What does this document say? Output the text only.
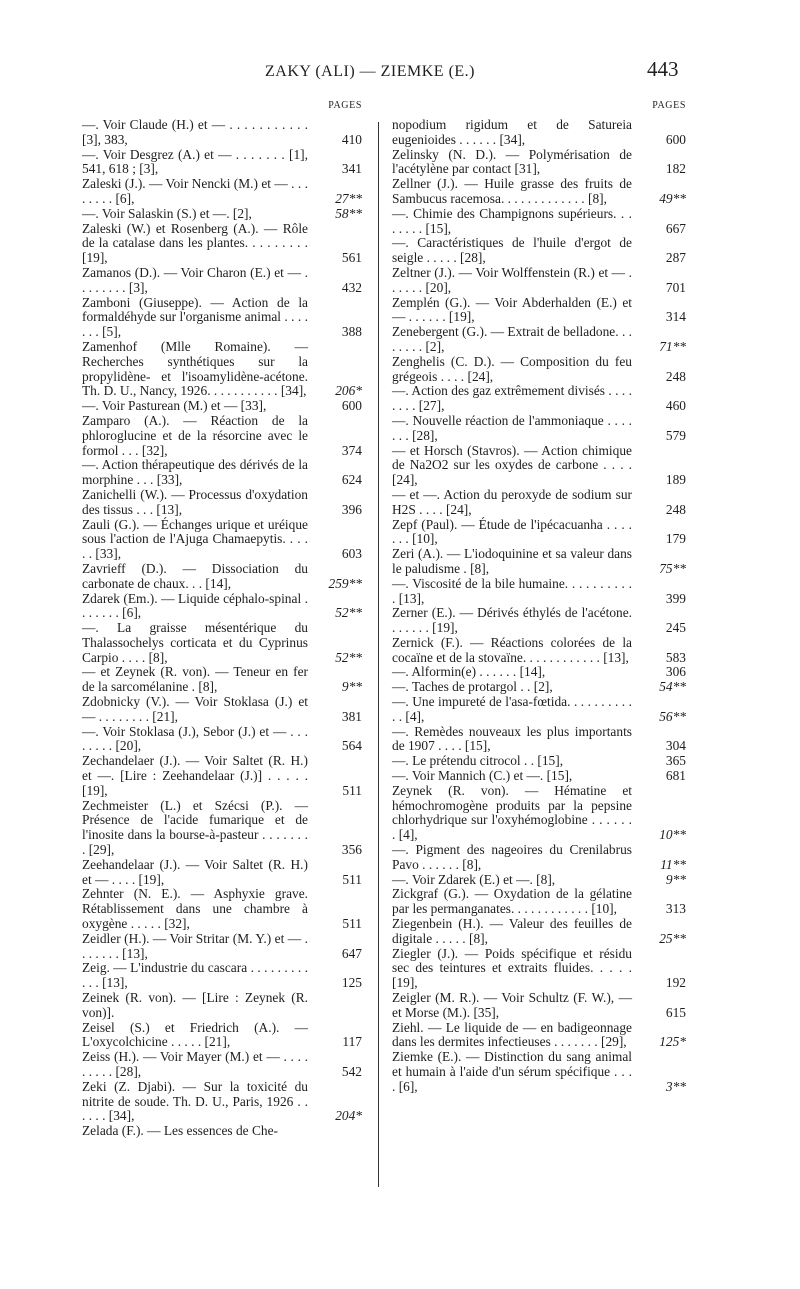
ZAKY (ALI) — ZIEMKE (E.)	443
PAGES
—. Voir Claude (H.) et — . . . . . . . . . . . [3], 383,	410
—. Voir Desgrez (A.) et — . . . . . . . [1], 541, 618 ; [3],	341
Zaleski (J.). — Voir Nencki (M.) et — . . . . . . . . [6],	27**
—. Voir Salaskin (S.) et —. [2],	58**
Zaleski (W.) et Rosenberg (A.). — Rôle de la catalase dans les plantes. . . . . . . . . [19],	561
Zamanos (D.). — Voir Charon (E.) et — . . . . . . . . [3],	432
Zamboni (Giuseppe). — Action de la formaldéhyde sur l'organisme animal . . . . . . . [5],	388
Zamenhof (Mlle Romaine). — Recherches synthétiques sur la propylidène- et l'isoamylidène-acétone. Th. D. U., Nancy, 1926. . . . . . . . . . . [34],	206*
—. Voir Pasturean (M.) et — [33],	600
Zamparo (A.). — Réaction de la phloroglucine et de la résorcine avec le formol . . . [32],	374
—. Action thérapeutique des dérivés de la morphine . . . [33],	624
Zanichelli (W.). — Processus d'oxydation des tissus . . . [13],	396
Zauli (G.). — Échanges urique et uréique sous l'action de l'Ajuga Chamaepytis. . . . . . [33],	603
Zavrieff (D.). — Dissociation du carbonate de chaux. . . [14],	259**
Zdarek (Em.). — Liquide céphalo-spinal . . . . . . . [6],	52**
—. La graisse mésentérique du Thalassochelys corticata et du Cyprinus Carpio . . . . [8],	52**
— et Zeynek (R. von). — Teneur en fer de la sarcomélanine . [8],	9**
Zdobnicky (V.). — Voir Stoklasa (J.) et — . . . . . . . . [21],	381
—. Voir Stoklasa (J.), Sebor (J.) et — . . . . . . . . [20],	564
Zechandelaer (J.). — Voir Saltet (R. H.) et —. [Lire : Zeehandelaar (J.)] . . . . . [19],	511
Zechmeister (L.) et Szécsi (P.). — Présence de l'acide fumarique et de l'inosite dans la bourse-à-pasteur . . . . . . . . [29],	356
Zeehandelaar (J.). — Voir Saltet (R. H.) et — . . . . [19],	511
Zehnter (N. E.). — Asphyxie grave. Rétablissement dans une chambre à oxygène . . . . . [32],	511
Zeidler (H.). — Voir Stritar (M. Y.) et — . . . . . . . [13],	647
Zeig. — L'industrie du cascara . . . . . . . . . . . . [13],	125
Zeinek (R. von). — [Lire : Zeynek (R. von)].
Zeisel (S.) et Friedrich (A.). — L'oxycolchicine . . . . . [21],	117
Zeiss (H.). — Voir Mayer (M.) et — . . . . . . . . . [28],	542
Zeki (Z. Djabi). — Sur la toxicité du nitrite de soude. Th. D. U., Paris, 1926 . . . . . . [34],	204*
Zelada (F.). — Les essences de Che-
PAGES
nopodium rigidum et de Satureia eugenioides . . . . . . [34],	600
Zelinsky (N. D.). — Polymérisation de l'acétylène par contact [31],	182
Zellner (J.). — Huile grasse des fruits de Sambucus racemosa. . . . . . . . . . . . . [8],	49**
—. Chimie des Champignons supérieurs. . . . . . . . [15],	667
—. Caractéristiques de l'huile d'ergot de seigle . . . . . [28],	287
Zeltner (J.). — Voir Wolffenstein (R.) et — . . . . . . [20],	701
Zemplén (G.). — Voir Abderhalden (E.) et — . . . . . . [19],	314
Zenebergent (G.). — Extrait de belladone. . . . . . . . [2],	71**
Zenghelis (C. D.). — Composition du feu grégeois . . . . [24],	248
—. Action des gaz extrêmement divisés . . . . . . . . [27],	460
—. Nouvelle réaction de l'ammoniaque . . . . . . . [28],	579
— et Horsch (Stavros). — Action chimique de Na2O2 sur les oxydes de carbone . . . . [24],	189
— et —. Action du peroxyde de sodium sur H2S . . . . [24],	248
Zepf (Paul). — Étude de l'ipécacuanha . . . . . . . [10],	179
Zeri (A.). — L'iodoquinine et sa valeur dans le paludisme . [8],	75**
—. Viscosité de la bile humaine. . . . . . . . . . . [13],	399
Zerner (E.). — Dérivés éthylés de l'acétone. . . . . . . [19],	245
Zernick (F.). — Réactions colorées de la cocaïne et de la stovaïne. . . . . . . . . . . . [13],	583
—. Alformin(e) . . . . . . [14],	306
—. Taches de protargol . . [2],	54**
—. Une impureté de l'asa-fœtida. . . . . . . . . . . . [4],	56**
—. Remèdes nouveaux les plus importants de 1907 . . . . [15],	304
—. Le prétendu citrocol . . [15],	365
—. Voir Mannich (C.) et —. [15],	681
Zeynek (R. von). — Hématine et hémochromogène produits par la pepsine chlorhydrique sur l'oxyhémoglobine . . . . . . . [4],	10**
—. Pigment des nageoires du Crenilabrus Pavo . . . . . . [8],	11**
—. Voir Zdarek (E.) et —. [8],	9**
Zickgraf (G.). — Oxydation de la gélatine par les permanganates. . . . . . . . . . . . [10],	313
Ziegenbein (H.). — Valeur des feuilles de digitale . . . . . [8],	25**
Ziegler (J.). — Poids spécifique et résidu sec des teintures et extraits fluides. . . . . [19],	192
Zeigler (M. R.). — Voir Schultz (F. W.), — et Morse (M.). [35],	615
Ziehl. — Le liquide de — en badigeonnage dans les dermites infectieuses . . . . . . . [29],	125*
Ziemke (E.). — Distinction du sang animal et humain à l'aide d'un sérum spécifique . . . . [6],	3**
